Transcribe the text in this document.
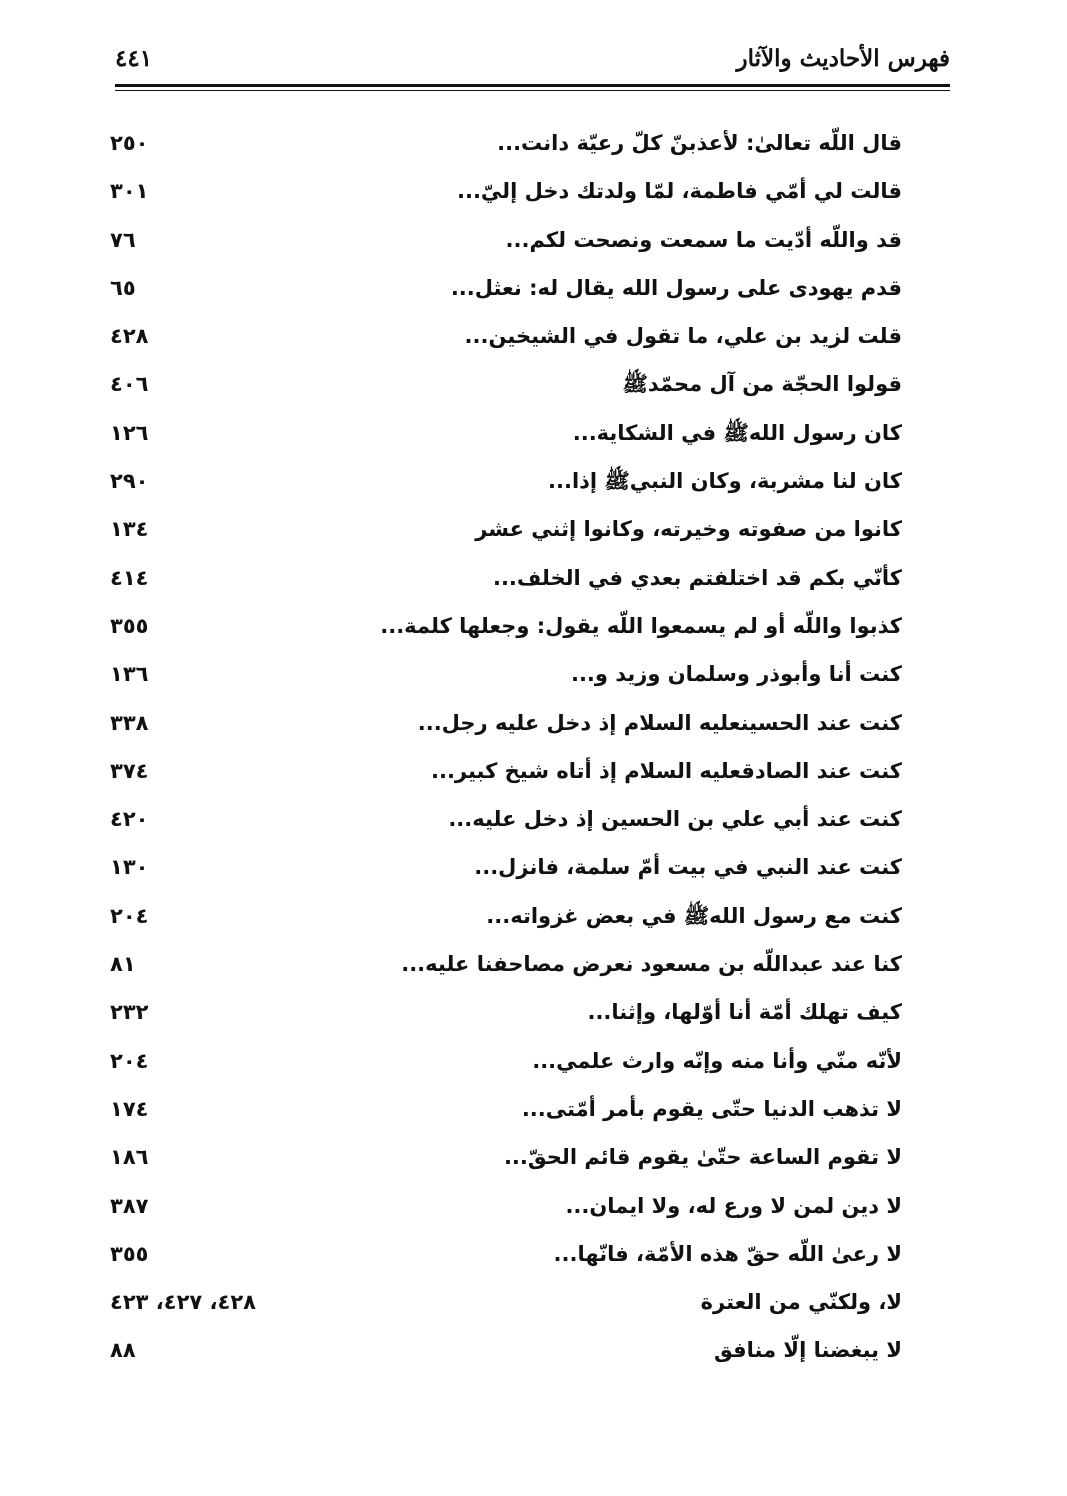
فهرس الأحاديث والآثار
٤٤١
قال اللّه تعالىٰ: لأعذبنّ كلّ رعيّة دانت...
٢٥٠
قالت لي أمّي فاطمة، لمّا ولدتك دخل إليّ...
٣٠١
قد واللّه أدّيت ما سمعت ونصحت لكم...
٧٦
قدم يهودى على رسول الله يقال له: نعثل...
٦٥
قلت لزيد بن علي، ما تقول في الشيخين...
٤٢٨
قولوا الحجّة من آل محمّدﷺ
٤٠٦
كان رسول اللهﷺ في الشكاية...
١٢٦
كان لنا مشربة، وكان النبيﷺ إذا...
٢٩٠
كانوا من صفوته وخيرته، وكانوا إثني عشر
١٣٤
كأنّي بكم قد اختلفتم بعدي في الخلف...
٤١٤
كذبوا واللّه أو لم يسمعوا اللّه يقول: وجعلها كلمة...
٣٥٥
كنت أنا وأبوذر وسلمان وزيد و...
١٣٦
كنت عند الحسينعليه السلام إذ دخل عليه رجل...
٣٣٨
كنت عند الصادقعليه السلام إذ أتاه شيخ كبير...
٣٧٤
كنت عند أبي علي بن الحسين إذ دخل عليه...
٤٢٠
كنت عند النبي في بيت أمّ سلمة، فانزل...
١٣٠
كنت مع رسول اللهﷺ في بعض غزواته...
٢٠٤
كنا عند عبداللّه بن مسعود نعرض مصاحفنا عليه...
٨١
كيف تهلك أمّة أنا أوّلها، وإثنا...
٢٣٢
لأنّه منّي وأنا منه وإنّه وارث علمي...
٢٠٤
لا تذهب الدنيا حتّى يقوم بأمر أمّتى...
١٧٤
لا تقوم الساعة حتّىٰ يقوم قائم الحقّ...
١٨٦
لا دين لمن لا ورع له، ولا ايمان...
٣٨٧
لا رعىٰ اللّه حقّ هذه الأمّة، فانّها...
٣٥٥
لا، ولكنّي من العترة
٤٢٨، ٤٢٧، ٤٢٣
لا يبغضنا إلّا منافق
٨٨
